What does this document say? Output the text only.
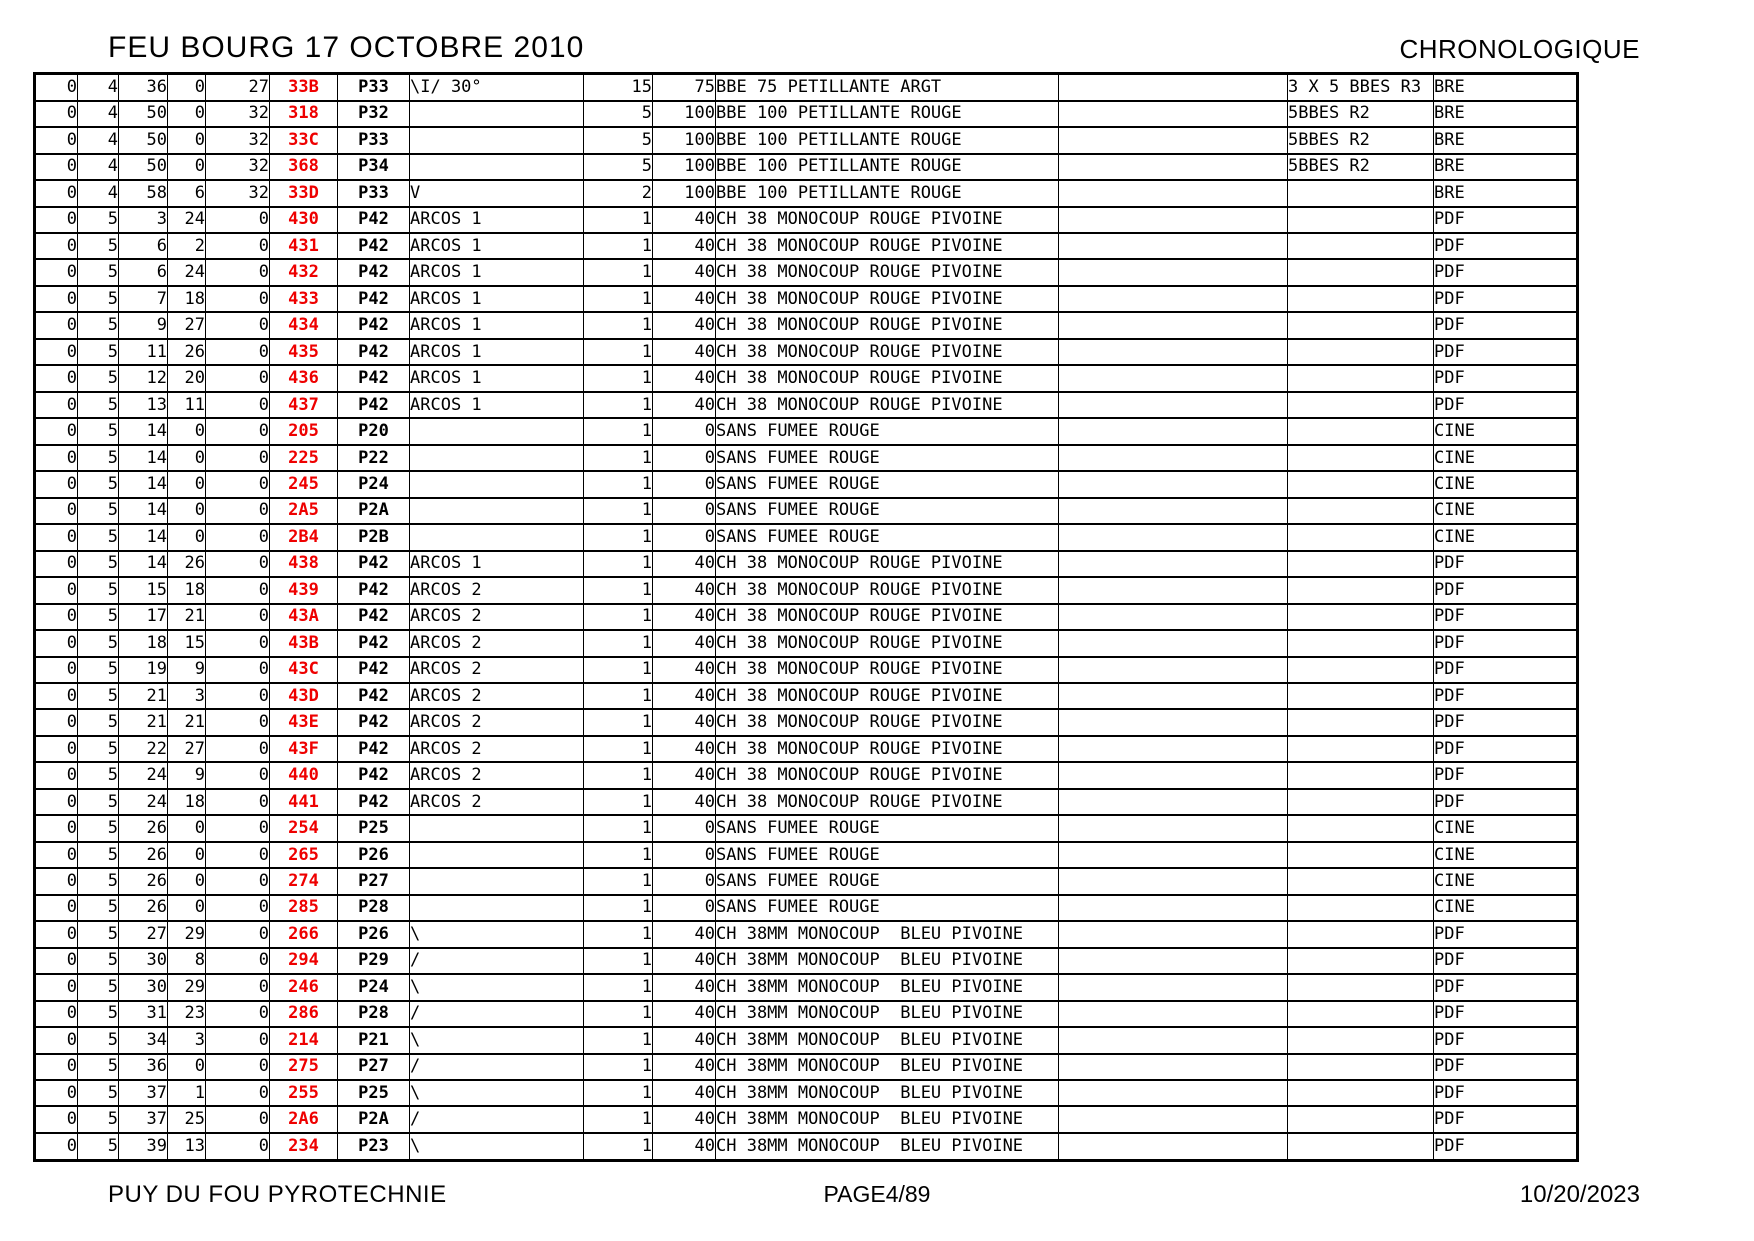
FEU BOURG 17 OCTOBRE 2010	CHRONOLOGIQUE
0	4	36	0	27	33B	P33	\I/ 30°	15	75	BBE 75 PETILLANTE ARGT		3 X 5 BBES R3	BRE
0	4	50	0	32	318	P32		5	100	BBE 100 PETILLANTE ROUGE		5BBES R2	BRE
0	4	50	0	32	33C	P33		5	100	BBE 100 PETILLANTE ROUGE		5BBES R2	BRE
0	4	50	0	32	368	P34		5	100	BBE 100 PETILLANTE ROUGE		5BBES R2	BRE
0	4	58	6	32	33D	P33	V	2	100	BBE 100 PETILLANTE ROUGE			BRE
0	5	3	24	0	430	P42	ARCOS 1	1	40	CH 38 MONOCOUP ROUGE PIVOINE			PDF
0	5	6	2	0	431	P42	ARCOS 1	1	40	CH 38 MONOCOUP ROUGE PIVOINE			PDF
0	5	6	24	0	432	P42	ARCOS 1	1	40	CH 38 MONOCOUP ROUGE PIVOINE			PDF
0	5	7	18	0	433	P42	ARCOS 1	1	40	CH 38 MONOCOUP ROUGE PIVOINE			PDF
0	5	9	27	0	434	P42	ARCOS 1	1	40	CH 38 MONOCOUP ROUGE PIVOINE			PDF
0	5	11	26	0	435	P42	ARCOS 1	1	40	CH 38 MONOCOUP ROUGE PIVOINE			PDF
0	5	12	20	0	436	P42	ARCOS 1	1	40	CH 38 MONOCOUP ROUGE PIVOINE			PDF
0	5	13	11	0	437	P42	ARCOS 1	1	40	CH 38 MONOCOUP ROUGE PIVOINE			PDF
0	5	14	0	0	205	P20		1	0	SANS FUMEE ROUGE			CINE
0	5	14	0	0	225	P22		1	0	SANS FUMEE ROUGE			CINE
0	5	14	0	0	245	P24		1	0	SANS FUMEE ROUGE			CINE
0	5	14	0	0	2A5	P2A		1	0	SANS FUMEE ROUGE			CINE
0	5	14	0	0	2B4	P2B		1	0	SANS FUMEE ROUGE			CINE
0	5	14	26	0	438	P42	ARCOS 1	1	40	CH 38 MONOCOUP ROUGE PIVOINE			PDF
0	5	15	18	0	439	P42	ARCOS 2	1	40	CH 38 MONOCOUP ROUGE PIVOINE			PDF
0	5	17	21	0	43A	P42	ARCOS 2	1	40	CH 38 MONOCOUP ROUGE PIVOINE			PDF
0	5	18	15	0	43B	P42	ARCOS 2	1	40	CH 38 MONOCOUP ROUGE PIVOINE			PDF
0	5	19	9	0	43C	P42	ARCOS 2	1	40	CH 38 MONOCOUP ROUGE PIVOINE			PDF
0	5	21	3	0	43D	P42	ARCOS 2	1	40	CH 38 MONOCOUP ROUGE PIVOINE			PDF
0	5	21	21	0	43E	P42	ARCOS 2	1	40	CH 38 MONOCOUP ROUGE PIVOINE			PDF
0	5	22	27	0	43F	P42	ARCOS 2	1	40	CH 38 MONOCOUP ROUGE PIVOINE			PDF
0	5	24	9	0	440	P42	ARCOS 2	1	40	CH 38 MONOCOUP ROUGE PIVOINE			PDF
0	5	24	18	0	441	P42	ARCOS 2	1	40	CH 38 MONOCOUP ROUGE PIVOINE			PDF
0	5	26	0	0	254	P25		1	0	SANS FUMEE ROUGE			CINE
0	5	26	0	0	265	P26		1	0	SANS FUMEE ROUGE			CINE
0	5	26	0	0	274	P27		1	0	SANS FUMEE ROUGE			CINE
0	5	26	0	0	285	P28		1	0	SANS FUMEE ROUGE			CINE
0	5	27	29	0	266	P26	\	1	40	CH 38MM MONOCOUP  BLEU PIVOINE			PDF
0	5	30	8	0	294	P29	/	1	40	CH 38MM MONOCOUP  BLEU PIVOINE			PDF
0	5	30	29	0	246	P24	\	1	40	CH 38MM MONOCOUP  BLEU PIVOINE			PDF
0	5	31	23	0	286	P28	/	1	40	CH 38MM MONOCOUP  BLEU PIVOINE			PDF
0	5	34	3	0	214	P21	\	1	40	CH 38MM MONOCOUP  BLEU PIVOINE			PDF
0	5	36	0	0	275	P27	/	1	40	CH 38MM MONOCOUP  BLEU PIVOINE			PDF
0	5	37	1	0	255	P25	\	1	40	CH 38MM MONOCOUP  BLEU PIVOINE			PDF
0	5	37	25	0	2A6	P2A	/	1	40	CH 38MM MONOCOUP  BLEU PIVOINE			PDF
0	5	39	13	0	234	P23	\	1	40	CH 38MM MONOCOUP  BLEU PIVOINE			PDF
PUY DU FOU PYROTECHNIE	PAGE4/89	10/20/2023
